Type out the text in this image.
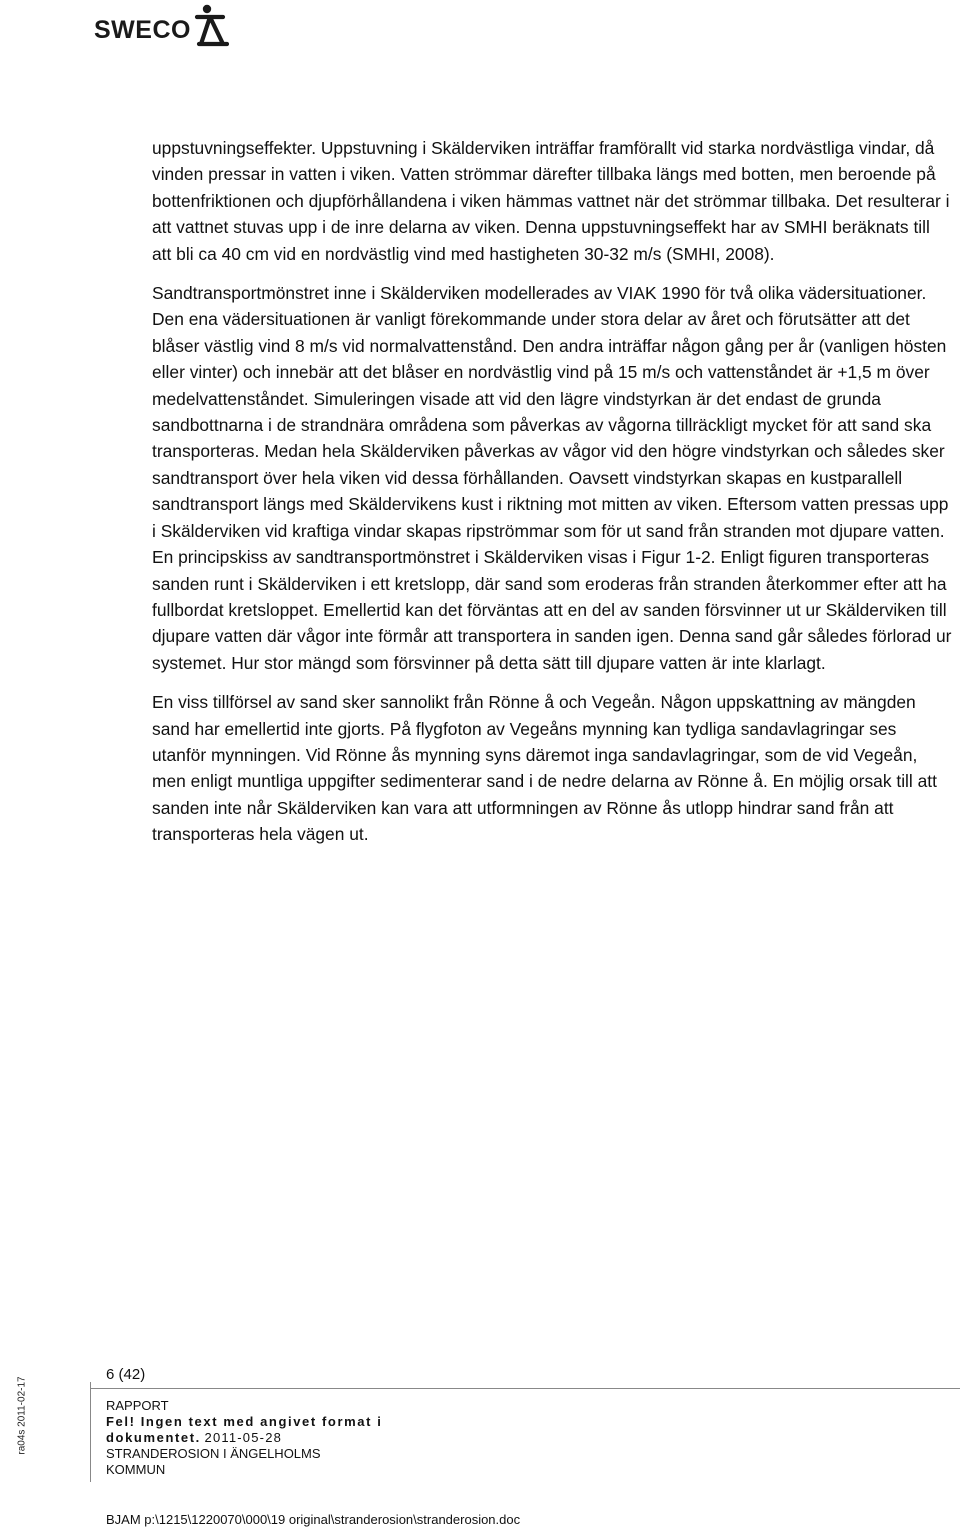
SWECO

uppstuvningseffekter. Uppstuvning i Skälderviken inträffar framförallt vid starka nordvästliga vindar, då vinden pressar in vatten i viken. Vatten strömmar därefter tillbaka längs med botten, men beroende på bottenfriktionen och djupförhållandena i viken hämmas vattnet när det strömmar tillbaka. Det resulterar i att vattnet stuvas upp i de inre delarna av viken. Denna uppstuvningseffekt har av SMHI beräknats till att bli ca 40 cm vid en nordvästlig vind med hastigheten 30-32 m/s (SMHI, 2008).

Sandtransportmönstret inne i Skälderviken modellerades av VIAK 1990 för två olika vädersituationer. Den ena vädersituationen är vanligt förekommande under stora delar av året och förutsätter att det blåser västlig vind 8 m/s vid normalvattenstånd. Den andra inträffar någon gång per år (vanligen hösten eller vinter) och innebär att det blåser en nordvästlig vind på 15 m/s och vattenståndet är +1,5 m över medelvattenståndet. Simuleringen visade att vid den lägre vindstyrkan är det endast de grunda sandbottnarna i de strandnära områdena som påverkas av vågorna tillräckligt mycket för att sand ska transporteras. Medan hela Skälderviken påverkas av vågor vid den högre vindstyrkan och således sker sandtransport över hela viken vid dessa förhållanden. Oavsett vindstyrkan skapas en kustparallell sandtransport längs med Skäldervikens kust i riktning mot mitten av viken. Eftersom vatten pressas upp i Skälderviken vid kraftiga vindar skapas ripströmmar som för ut sand från stranden mot djupare vatten. En principskiss av sandtransportmönstret i Skälderviken visas i Figur 1-2. Enligt figuren transporteras sanden runt i Skälderviken i ett kretslopp, där sand som eroderas från stranden återkommer efter att ha fullbordat kretsloppet. Emellertid kan det förväntas att en del av sanden försvinner ut ur Skälderviken till djupare vatten där vågor inte förmår att transportera in sanden igen. Denna sand går således förlorad ur systemet. Hur stor mängd som försvinner på detta sätt till djupare vatten är inte klarlagt.

En viss tillförsel av sand sker sannolikt från Rönne å och Vegeån. Någon uppskattning av mängden sand har emellertid inte gjorts. På flygfoton av Vegeåns mynning kan tydliga sandavlagringar ses utanför mynningen. Vid Rönne ås mynning syns däremot inga sandavlagringar, som de vid Vegeån, men enligt muntliga uppgifter sedimenterar sand i de nedre delarna av Rönne å. En möjlig orsak till att sanden inte når Skälderviken kan vara att utformningen av Rönne ås utlopp hindrar sand från att transporteras hela vägen ut.

ra04s 2011-02-17
6 (42)
RAPPORT
Fel! Ingen text med angivet format i
dokumentet. 2011-05-28
STRANDEROSION I ÄNGELHOLMS
KOMMUN
BJAM p:\1215\1220070\000\19 original\stranderosion\stranderosion.doc
